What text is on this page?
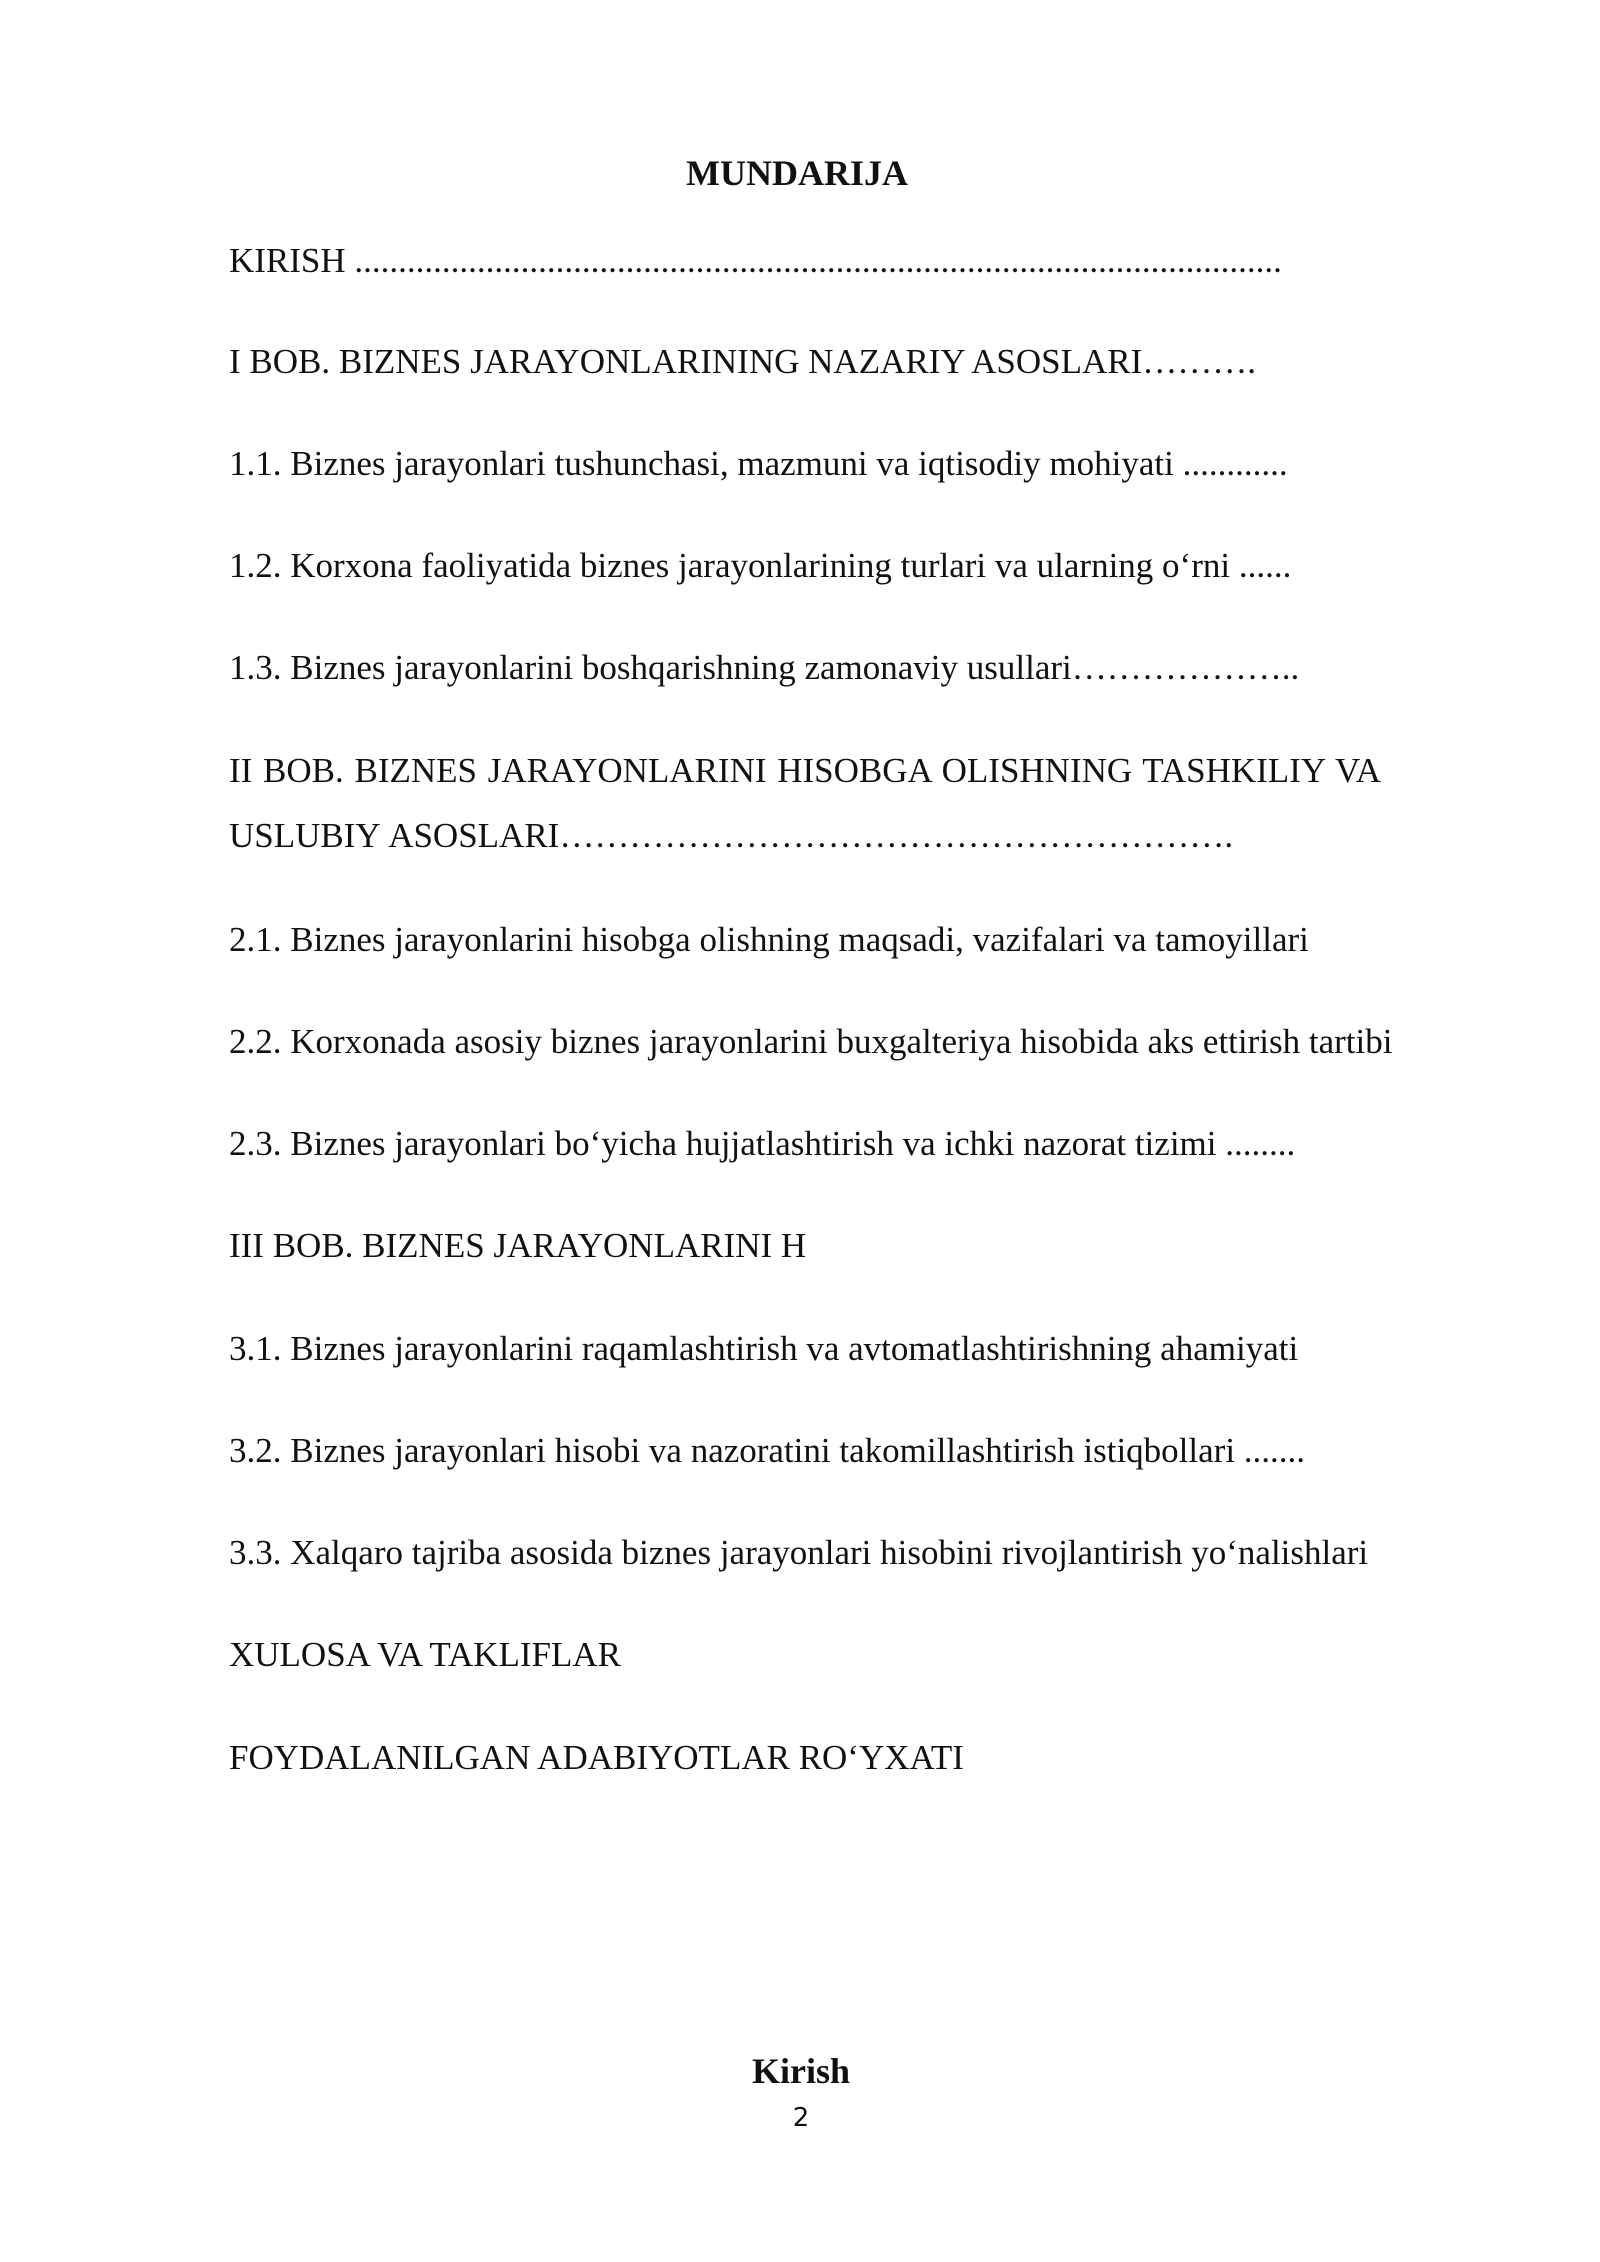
MUNDARIJA
KIRISH ..........................................................................................................
I BOB. BIZNES JARAYONLARINING NAZARIY ASOSLARI……….
1.1. Biznes jarayonlari tushunchasi, mazmuni va iqtisodiy mohiyati ............
1.2. Korxona faoliyatida biznes jarayonlarining turlari va ularning o‘rni ......
1.3. Biznes jarayonlarini boshqarishning zamonaviy usullari………………..
II BOB. BIZNES JARAYONLARINI HISOBGA OLISHNING TASHKILIY VA USLUBIY ASOSLARI………………………………………………….
2.1. Biznes jarayonlarini hisobga olishning maqsadi, vazifalari va tamoyillari
2.2. Korxonada asosiy biznes jarayonlarini buxgalteriya hisobida aks ettirish tartibi
2.3. Biznes jarayonlari bo‘yicha hujjatlashtirish va ichki nazorat tizimi ........
III BOB. BIZNES JARAYONLARINI H
3.1. Biznes jarayonlarini raqamlashtirish va avtomatlashtirishning ahamiyati
3.2. Biznes jarayonlari hisobi va nazoratini takomillashtirish istiqbollari .......
3.3. Xalqaro tajriba asosida biznes jarayonlari hisobini rivojlantirish yo‘nalishlari
XULOSA VA TAKLIFLAR
FOYDALANILGAN ADABIYOTLAR RO‘YXATI
Kirish
2
